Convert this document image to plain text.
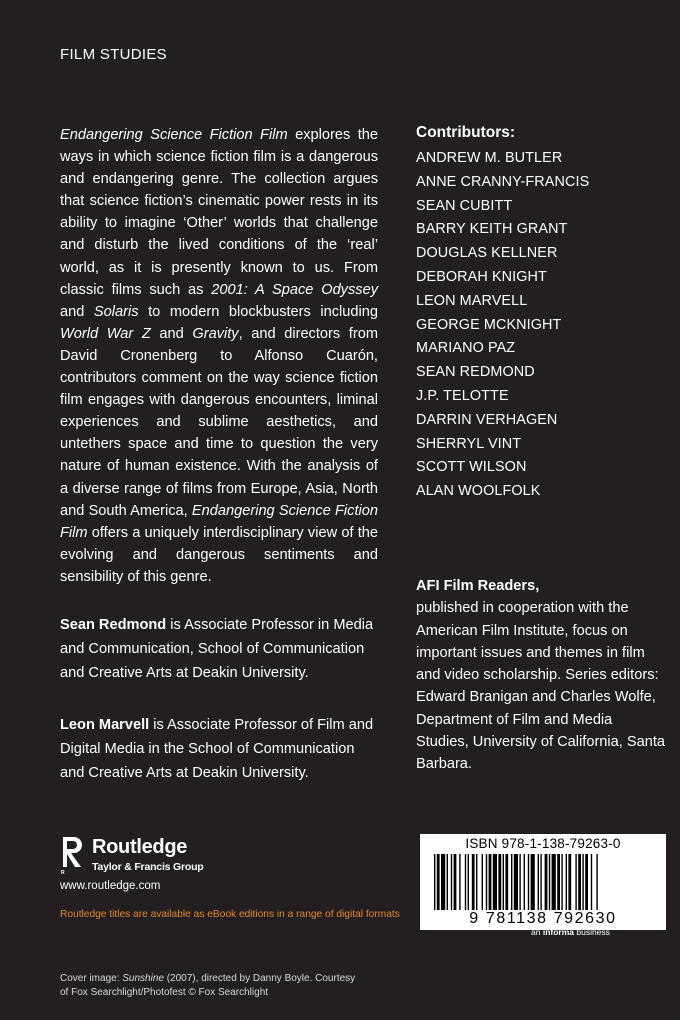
FILM STUDIES

Endangering Science Fiction Film explores the ways in which science fiction film is a dangerous and endangering genre. The collection argues that science fiction’s cinematic power rests in its ability to imagine ‘Other’ worlds that challenge and disturb the lived conditions of the ‘real’ world, as it is presently known to us. From classic films such as 2001: A Space Odyssey and Solaris to modern blockbusters including World War Z and Gravity, and directors from David Cronenberg to Alfonso Cuarón, contributors comment on the way science fiction film engages with dangerous encounters, liminal experiences and sublime aesthetics, and untethers space and time to question the very nature of human existence. With the analysis of a diverse range of films from Europe, Asia, North and South America, Endangering Science Fiction Film offers a uniquely interdisciplinary view of the evolving and dangerous sentiments and sensibility of this genre.

Sean Redmond is Associate Professor in Media and Communication, School of Communication and Creative Arts at Deakin University.

Leon Marvell is Associate Professor of Film and Digital Media in the School of Communication and Creative Arts at Deakin University.

Contributors:
ANDREW M. BUTLER
ANNE CRANNY-FRANCIS
SEAN CUBITT
BARRY KEITH GRANT
DOUGLAS KELLNER
DEBORAH KNIGHT
LEON MARVELL
GEORGE MCKNIGHT
MARIANO PAZ
SEAN REDMOND
J.P. TELOTTE
DARRIN VERHAGEN
SHERRYL VINT
SCOTT WILSON
ALAN WOOLFOLK

AFI Film Readers,
published in cooperation with the American Film Institute, focus on important issues and themes in film and video scholarship. Series editors: Edward Branigan and Charles Wolfe, Department of Film and Media Studies, University of California, Santa Barbara.

R
Routledge
Taylor & Francis Group
www.routledge.com
Routledge titles are available as eBook editions in a range of digital formats
Cover image: Sunshine (2007), directed by Danny Boyle. Courtesy of Fox Searchlight/Photofest © Fox Searchlight
ISBN 978-1-138-79263-0
9 781138 792630
an informa business
